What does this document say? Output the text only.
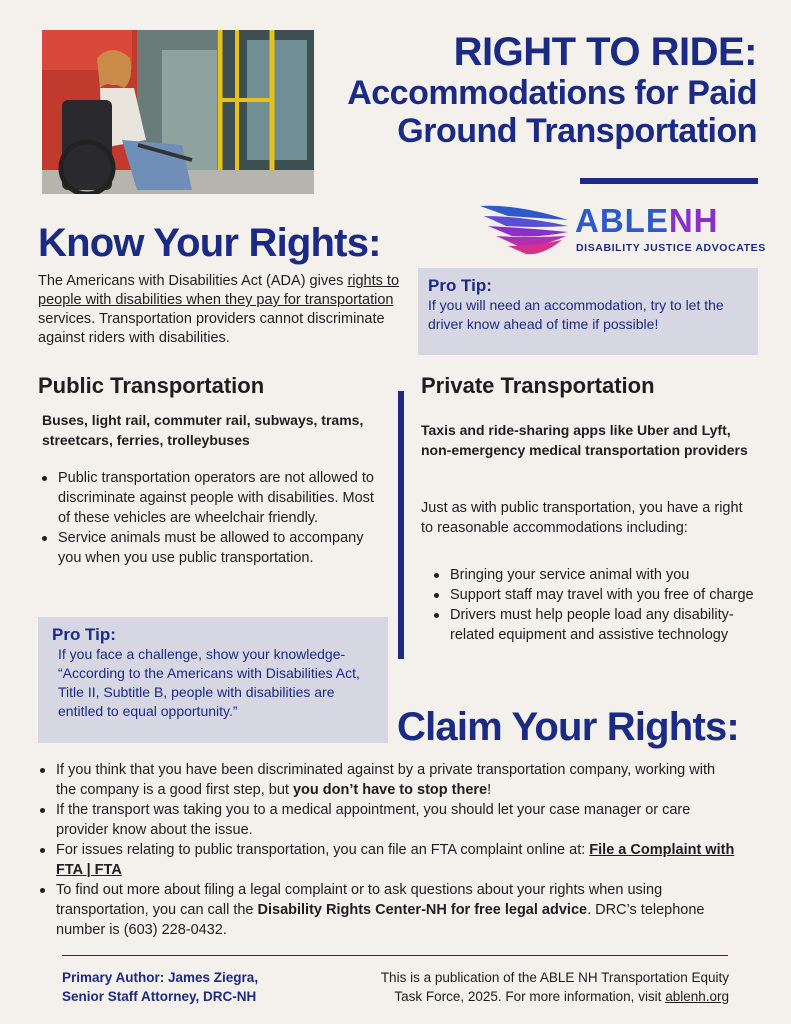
RIGHT TO RIDE:
Accommodations for Paid
Ground Transportation
ABLENH
DISABILITY JUSTICE ADVOCATES
Know Your Rights:

The Americans with Disabilities Act (ADA) gives rights to people with disabilities when they pay for transportation services. Transportation providers cannot discriminate against riders with disabilities.

Pro Tip:
If you will need an accommodation, try to let the driver know ahead of time if possible!
Public Transportation
Buses, light rail, commuter rail, subways, trams, streetcars, ferries, trolleybuses
Public transportation operators are not allowed to discriminate against people with disabilities. Most of these vehicles are wheelchair friendly.
Service animals must be allowed to accompany you when you use public transportation.
Pro Tip:
If you face a challenge, show your knowledge- “According to the Americans with Disabilities Act, Title II, Subtitle B, people with disabilities are entitled to equal opportunity.”
Private Transportation
Taxis and ride-sharing apps like Uber and Lyft, non-emergency medical transportation providers

Just as with public transportation, you have a right to reasonable accommodations including:

Bringing your service animal with you
Support staff may travel with you free of charge
Drivers must help people load any disability-related equipment and assistive technology
Claim Your Rights:
If you think that you have been discriminated against by a private transportation company, working with the company is a good first step, but you don’t have to stop there!
If the transport was taking you to a medical appointment, you should let your case manager or care provider know about the issue.
For issues relating to public transportation, you can file an FTA complaint online at: File a Complaint with FTA | FTA
To find out more about filing a legal complaint or to ask questions about your rights when using transportation, you can call the Disability Rights Center-NH for free legal advice. DRC’s telephone number is (603) 228-0432.
Primary Author: James Ziegra,
Senior Staff Attorney, DRC-NH
This is a publication of the ABLE NH Transportation Equity
Task Force, 2025. For more information, visit ablenh.org
